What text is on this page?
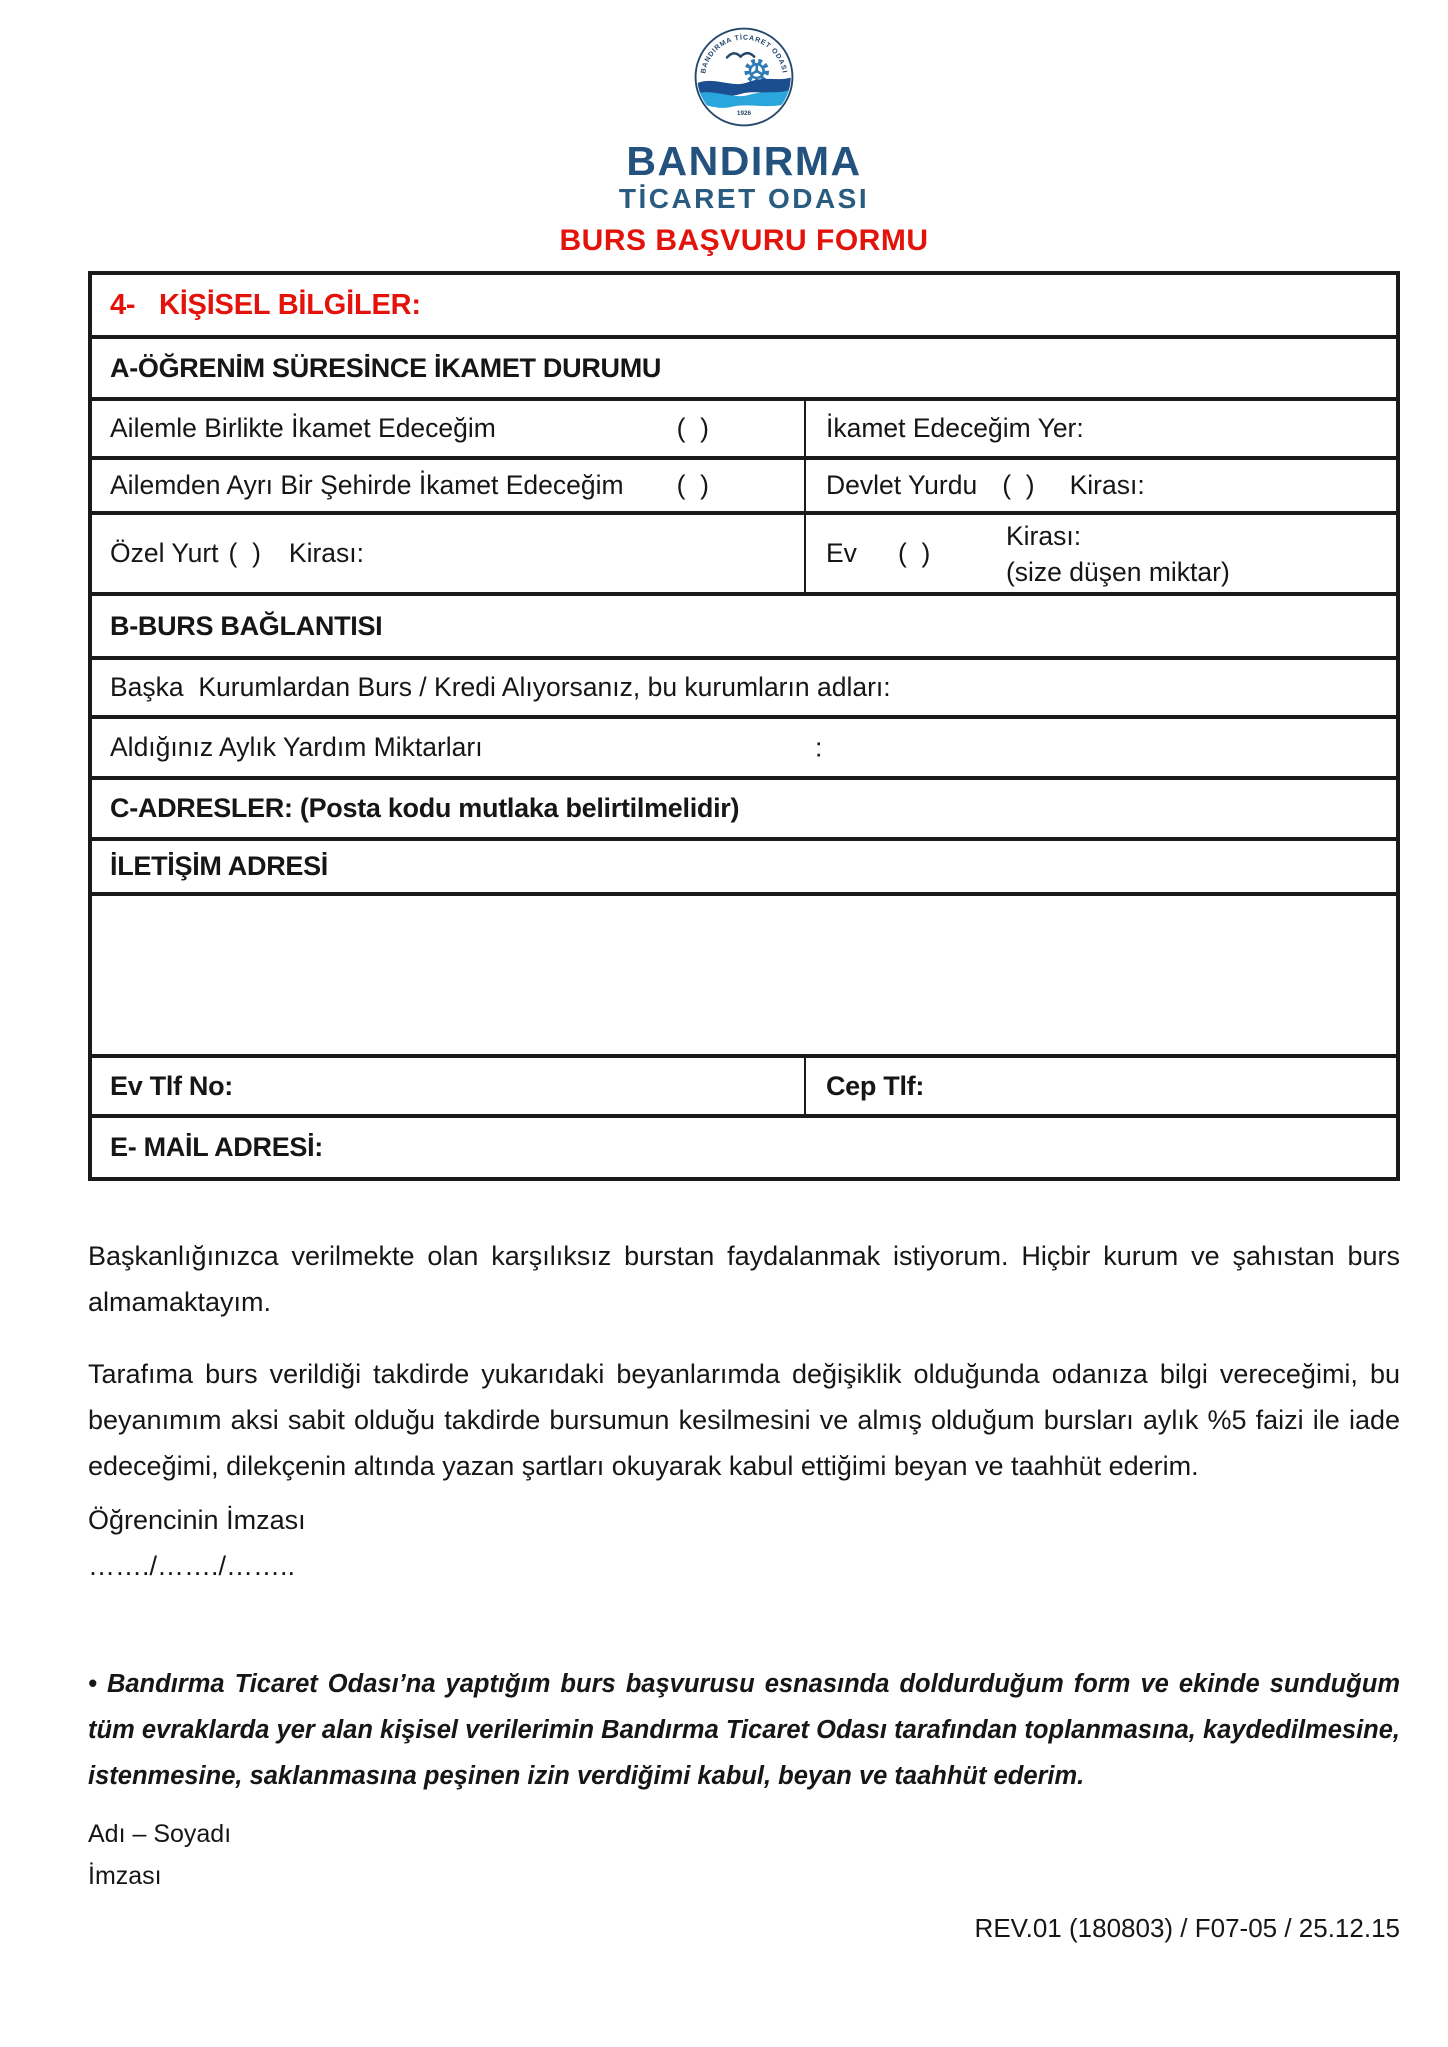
BANDIRMA TİCARET ODASI
1926
BANDIRMA
TİCARET ODASI
BURS BAŞVURU FORMU
4-   KİŞİSEL BİLGİLER:
A-ÖĞRENİM SÜRESİNCE İKAMET DURUMU
Ailemle Birlikte İkamet Edeceğim	(  )	İkamet Edeceğim Yer:
Ailemden Ayrı Bir Şehirde İkamet Edeceğim (  )	Devlet Yurdu (  ) Kirası:
Özel Yurt (  ) Kirası:	Ev	(  )
Kirası:
(size düşen miktar)
B-BURS BAĞLANTISI
Başka  Kurumlardan Burs / Kredi Alıyorsanız, bu kurumların adları:
Aldığınız Aylık Yardım Miktarları	:
C-ADRESLER: (Posta kodu mutlaka belirtilmelidir)
İLETİŞİM ADRESİ
Ev Tlf No:	Cep Tlf:
E- MAİL ADRESİ:
Başkanlığınızca verilmekte olan karşılıksız burstan faydalanmak istiyorum. Hiçbir kurum ve şahıstan burs almamaktayım.
Tarafıma burs verildiği takdirde yukarıdaki beyanlarımda değişiklik olduğunda odanıza bilgi vereceğimi, bu beyanımım aksi sabit olduğu takdirde bursumun kesilmesini ve almış olduğum bursları aylık %5 faizi ile iade edeceğimi, dilekçenin altında yazan şartları okuyarak kabul ettiğimi beyan ve taahhüt ederim.
Öğrencinin İmzası
……./……./……..
• Bandırma Ticaret Odası’na yaptığım burs başvurusu esnasında doldurduğum form ve ekinde sunduğum tüm evraklarda yer alan kişisel verilerimin Bandırma Ticaret Odası tarafından toplanmasına, kaydedilmesine, istenmesine, saklanmasına peşinen izin verdiğimi kabul, beyan ve taahhüt ederim.
Adı – Soyadı
İmzası
REV.01 (180803) / F07-05 / 25.12.15
